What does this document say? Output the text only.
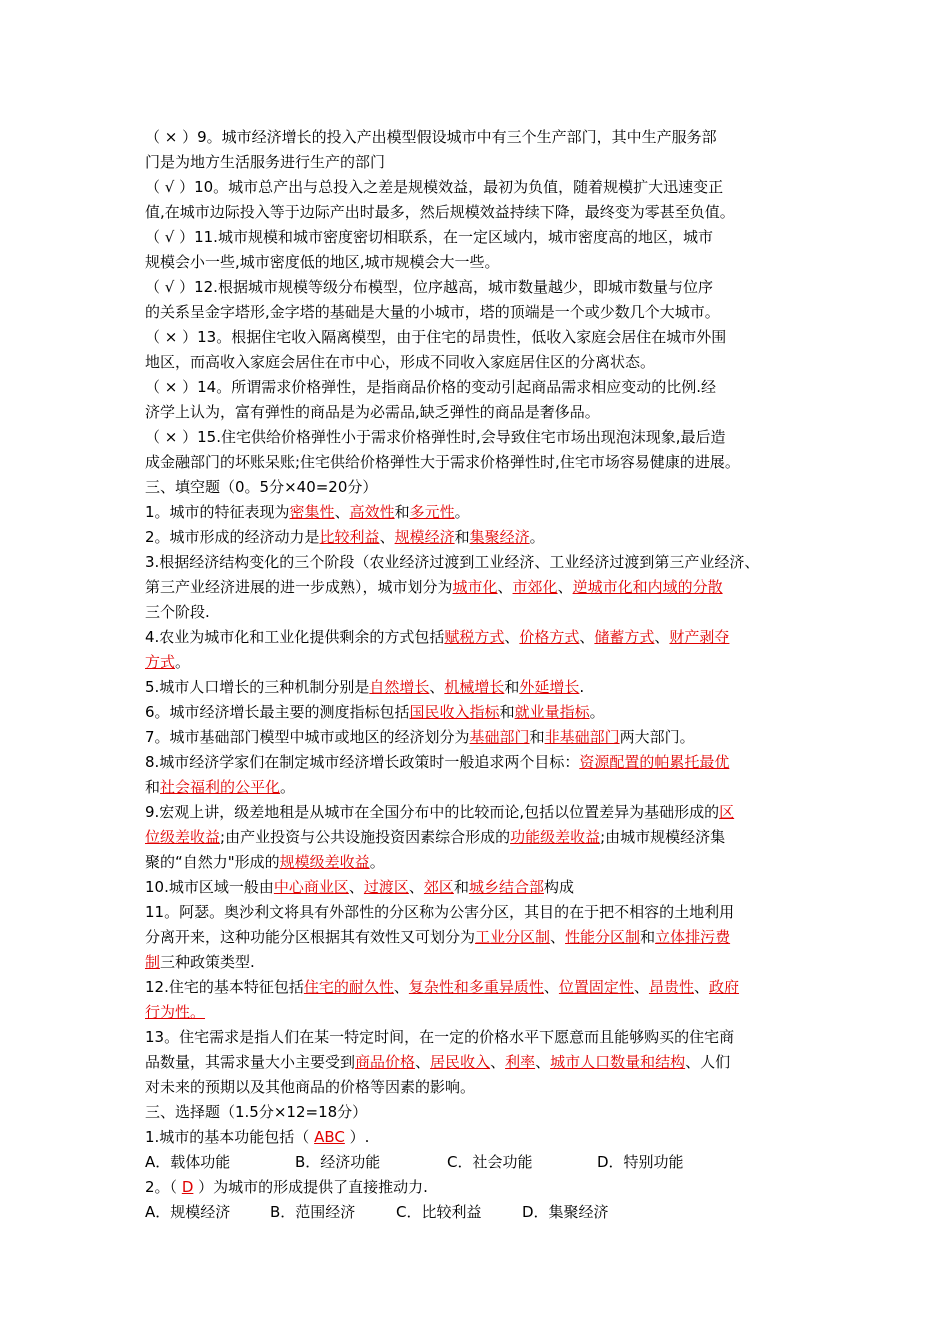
（ × ）9。城市经济增长的投入产出模型假设城市中有三个生产部门，其中生产服务部
门是为地方生活服务进行生产的部门
（ √ ）10。城市总产出与总投入之差是规模效益，最初为负值，随着规模扩大迅速变正
值,在城市边际投入等于边际产出时最多，然后规模效益持续下降，最终变为零甚至负值。
（ √ ）11.城市规模和城市密度密切相联系，在一定区域内，城市密度高的地区，城市
规模会小一些,城市密度低的地区,城市规模会大一些。
（ √ ）12.根据城市规模等级分布模型，位序越高，城市数量越少，即城市数量与位序
的关系呈金字塔形,金字塔的基础是大量的小城市，塔的顶端是一个或少数几个大城市。
（ × ）13。根据住宅收入隔离模型，由于住宅的昂贵性，低收入家庭会居住在城市外围
地区，而高收入家庭会居住在市中心，形成不同收入家庭居住区的分离状态。
（ × ）14。所谓需求价格弹性，是指商品价格的变动引起商品需求相应变动的比例.经
济学上认为，富有弹性的商品是为必需品,缺乏弹性的商品是奢侈品。
（ × ）15.住宅供给价格弹性小于需求价格弹性时,会导致住宅市场出现泡沫现象,最后造
成金融部门的坏账呆账;住宅供给价格弹性大于需求价格弹性时,住宅市场容易健康的进展。
三、填空题（0。5分×40=20分）
1。城市的特征表现为密集性、高效性和多元性。
2。城市形成的经济动力是比较利益、规模经济和集聚经济。
3.根据经济结构变化的三个阶段（农业经济过渡到工业经济、工业经济过渡到第三产业经济、
第三产业经济进展的进一步成熟），城市划分为城市化、市郊化、逆城市化和内域的分散
三个阶段.
4.农业为城市化和工业化提供剩余的方式包括赋税方式、价格方式、储蓄方式、财产剥夺
方式。
5.城市人口增长的三种机制分别是自然增长、机械增长和外延增长.
6。城市经济增长最主要的测度指标包括国民收入指标和就业量指标。
7。城市基础部门模型中城市或地区的经济划分为基础部门和非基础部门两大部门。
8.城市经济学家们在制定城市经济增长政策时一般追求两个目标：资源配置的帕累托最优
和社会福利的公平化。
9.宏观上讲，级差地租是从城市在全国分布中的比较而论,包括以位置差异为基础形成的区
位级差收益;由产业投资与公共设施投资因素综合形成的功能级差收益;由城市规模经济集
聚的“自然力"形成的规模级差收益。
10.城市区域一般由中心商业区、过渡区、郊区和城乡结合部构成
11。阿瑟。奥沙利文将具有外部性的分区称为公害分区，其目的在于把不相容的土地利用
分离开来，这种功能分区根据其有效性又可划分为工业分区制、性能分区制和立体排污费
制三种政策类型.
12.住宅的基本特征包括住宅的耐久性、复杂性和多重异质性、位置固定性、昂贵性、政府
行为性。
13。住宅需求是指人们在某一特定时间，在一定的价格水平下愿意而且能够购买的住宅商
品数量，其需求量大小主要受到商品价格、居民收入、利率、城市人口数量和结构、人们
对未来的预期以及其他商品的价格等因素的影响。
三、选择题（1.5分×12=18分）
1.城市的基本功能包括（ ABC ）.
A．载体功能	B．经济功能	C．社会功能	D．特别功能
2。（ D ）为城市的形成提供了直接推动力.
A．规模经济	B．范围经济	C．比较利益	D．集聚经济
